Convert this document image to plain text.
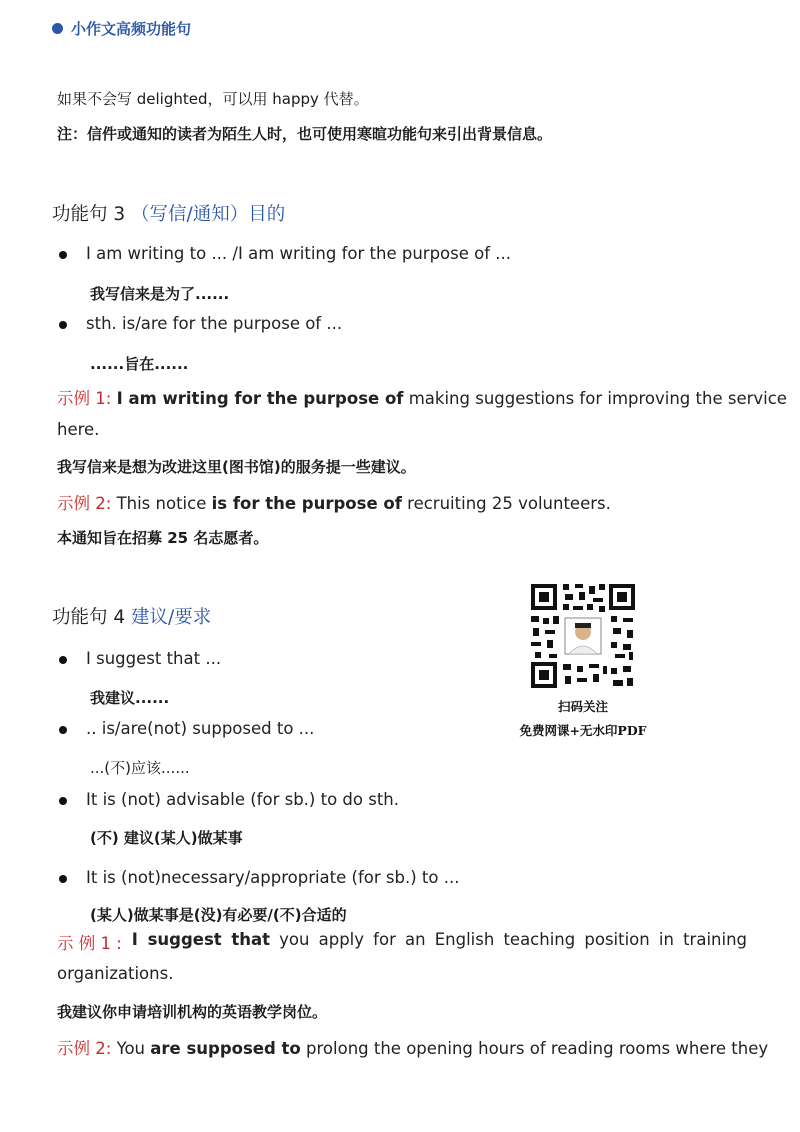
小作文高频功能句
如果不会写 delighted，可以用 happy 代替。
注：信件或通知的读者为陌生人时，也可使用寒暄功能句来引出背景信息。
功能句 3 （写信/通知）目的
I am writing to ... /I am writing for the purpose of ...
我写信来是为了......
sth. is/are for the purpose of ...
......旨在......
示例 1: I am writing for the purpose of making suggestions for improving the service
here.
我写信来是想为改进这里(图书馆)的服务提一些建议。
示例 2: This notice is for the purpose of recruiting 25 volunteers.
本通知旨在招募 25 名志愿者。
功能句 4 建议/要求
I suggest that ...
我建议......
.. is/are(not) supposed to ...
...(不)应该......
It is (not) advisable (for sb.) to do sth.
(不) 建议(某人)做某事
It is (not)necessary/appropriate (for sb.) to ...
(某人)做某事是(没)有必要/(不)合适的
示 例 1 : I suggest that you apply for an English teaching position in training
organizations.
我建议你申请培训机构的英语教学岗位。
示例 2: You are supposed to prolong the opening hours of reading rooms where they
扫码关注
免费网课+无水印PDF
